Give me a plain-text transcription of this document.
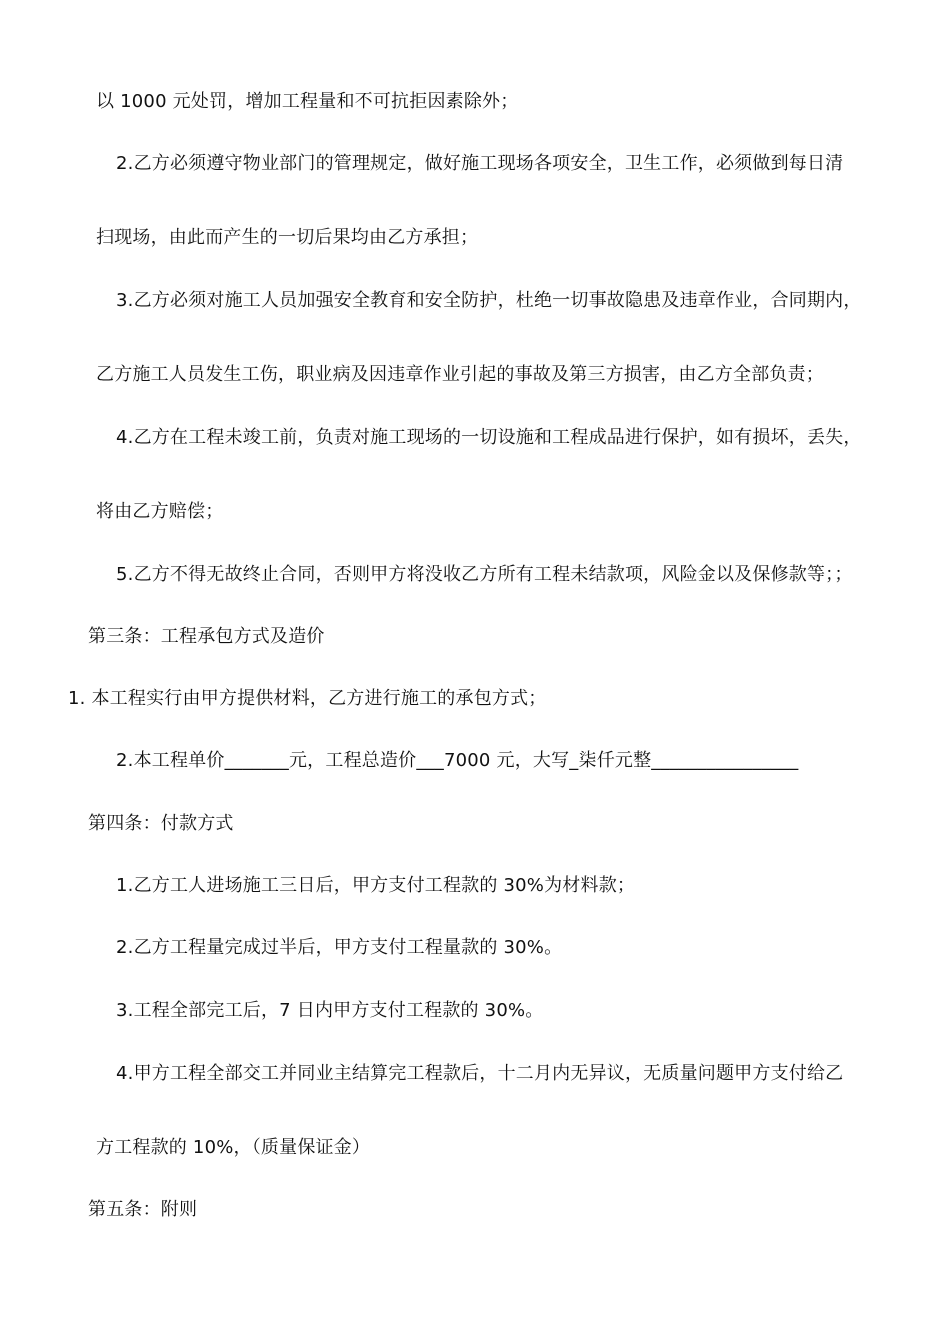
以 1000 元处罚，增加工程量和不可抗拒因素除外；
2.乙方必须遵守物业部门的管理规定，做好施工现场各项安全，卫生工作，必须做到每日清
扫现场，由此而产生的一切后果均由乙方承担；
3.乙方必须对施工人员加强安全教育和安全防护，杜绝一切事故隐患及违章作业，合同期内，
乙方施工人员发生工伤，职业病及因违章作业引起的事故及第三方损害，由乙方全部负责；
4.乙方在工程未竣工前，负责对施工现场的一切设施和工程成品进行保护，如有损坏，丢失，
将由乙方赔偿；
5.乙方不得无故终止合同，否则甲方将没收乙方所有工程未结款项，风险金以及保修款等；；
第三条：工程承包方式及造价
1. 本工程实行由甲方提供材料，乙方进行施工的承包方式；
2.本工程单价_______元，工程总造价___7000 元，大写_柒仟元整________________
第四条：付款方式
1.乙方工人进场施工三日后，甲方支付工程款的 30%为材料款；
2.乙方工程量完成过半后，甲方支付工程量款的 30%。
3.工程全部完工后，7 日内甲方支付工程款的 30%。
4.甲方工程全部交工并同业主结算完工程款后，十二月内无异议，无质量问题甲方支付给乙
方工程款的 10%，（质量保证金）
第五条：附则
